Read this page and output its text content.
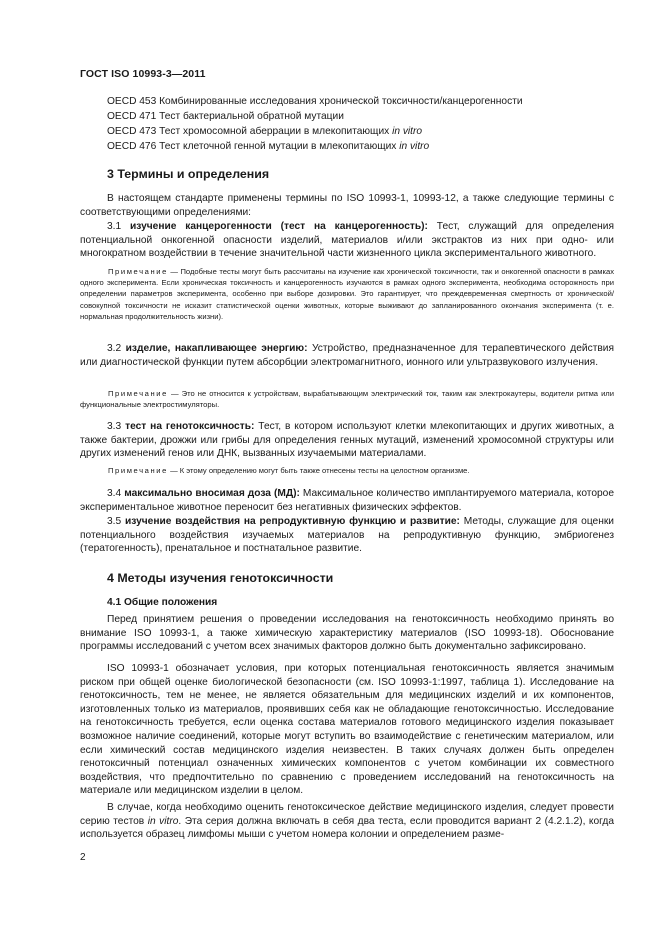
ГОСТ ISO 10993-3—2011
OECD 453 Комбинированные исследования хронической токсичности/канцерогенности
OECD 471 Тест бактериальной обратной мутации
OECD 473 Тест хромосомной аберрации в млекопитающих in vitro
OECD 476 Тест клеточной генной мутации в млекопитающих in vitro
3 Термины и определения
В настоящем стандарте применены термины по ISO 10993-1, 10993-12, а также следующие термины с соответствующими определениями:
3.1 изучение канцерогенности (тест на канцерогенность): Тест, служащий для определения потенциальной онкогенной опасности изделий, материалов и/или экстрактов из них при одно- или многократном воздействии в течение значительной части жизненного цикла экспериментального животного.
Примечание — Подобные тесты могут быть рассчитаны на изучение как хронической токсичности, так и онкогенной опасности в рамках одного эксперимента. Если хроническая токсичность и канцерогенность изучаются в рамках одного эксперимента, необходима осторожность при определении параметров эксперимента, особенно при выборе дозировки. Это гарантирует, что преждевременная смертность от хронической/совокупной токсичности не исказит статистической оценки животных, которые выживают до запланированного окончания эксперимента (т. е. нормальная продолжительность жизни).
3.2 изделие, накапливающее энергию: Устройство, предназначенное для терапевтического действия или диагностической функции путем абсорбции электромагнитного, ионного или ультразвукового излучения.
Примечание — Это не относится к устройствам, вырабатывающим электрический ток, таким как электрокаутеры, водители ритма или функциональные электростимуляторы.
3.3 тест на генотоксичность: Тест, в котором используют клетки млекопитающих и других животных, а также бактерии, дрожжи или грибы для определения генных мутаций, изменений хромосомной структуры или других изменений генов или ДНК, вызванных изучаемыми материалами.
Примечание — К этому определению могут быть также отнесены тесты на целостном организме.
3.4 максимально вносимая доза (МД): Максимальное количество имплантируемого материала, которое экспериментальное животное переносит без негативных физических эффектов.
3.5 изучение воздействия на репродуктивную функцию и развитие: Методы, служащие для оценки потенциального воздействия изучаемых материалов на репродуктивную функцию, эмбриогенез (тератогенность), пренатальное и постнатальное развитие.
4 Методы изучения генотоксичности
4.1 Общие положения
Перед принятием решения о проведении исследования на генотоксичность необходимо принять во внимание ISO 10993-1, а также химическую характеристику материалов (ISO 10993-18). Обоснование программы исследований с учетом всех значимых факторов должно быть документально зафиксировано.
ISO 10993-1 обозначает условия, при которых потенциальная генотоксичность является значимым риском при общей оценке биологической безопасности (см. ISO 10993-1:1997, таблица 1). Исследование на генотоксичность, тем не менее, не является обязательным для медицинских изделий и их компонентов, изготовленных только из материалов, проявивших себя как не обладающие генотоксичностью. Исследование на генотоксичность требуется, если оценка состава материалов готового медицинского изделия показывает возможное наличие соединений, которые могут вступить во взаимодействие с генетическим материалом, или если химический состав медицинского изделия неизвестен. В таких случаях должен быть определен генотоксичный потенциал означенных химических компонентов с учетом комбинации их совместного воздействия, что предпочтительно по сравнению с проведением исследований на генотоксичность на материале или медицинском изделии в целом.
В случае, когда необходимо оценить генотоксическое действие медицинского изделия, следует провести серию тестов in vitro. Эта серия должна включать в себя два теста, если проводится вариант 2 (4.2.1.2), когда используется образец лимфомы мыши с учетом номера колонии и определением разме-
2
